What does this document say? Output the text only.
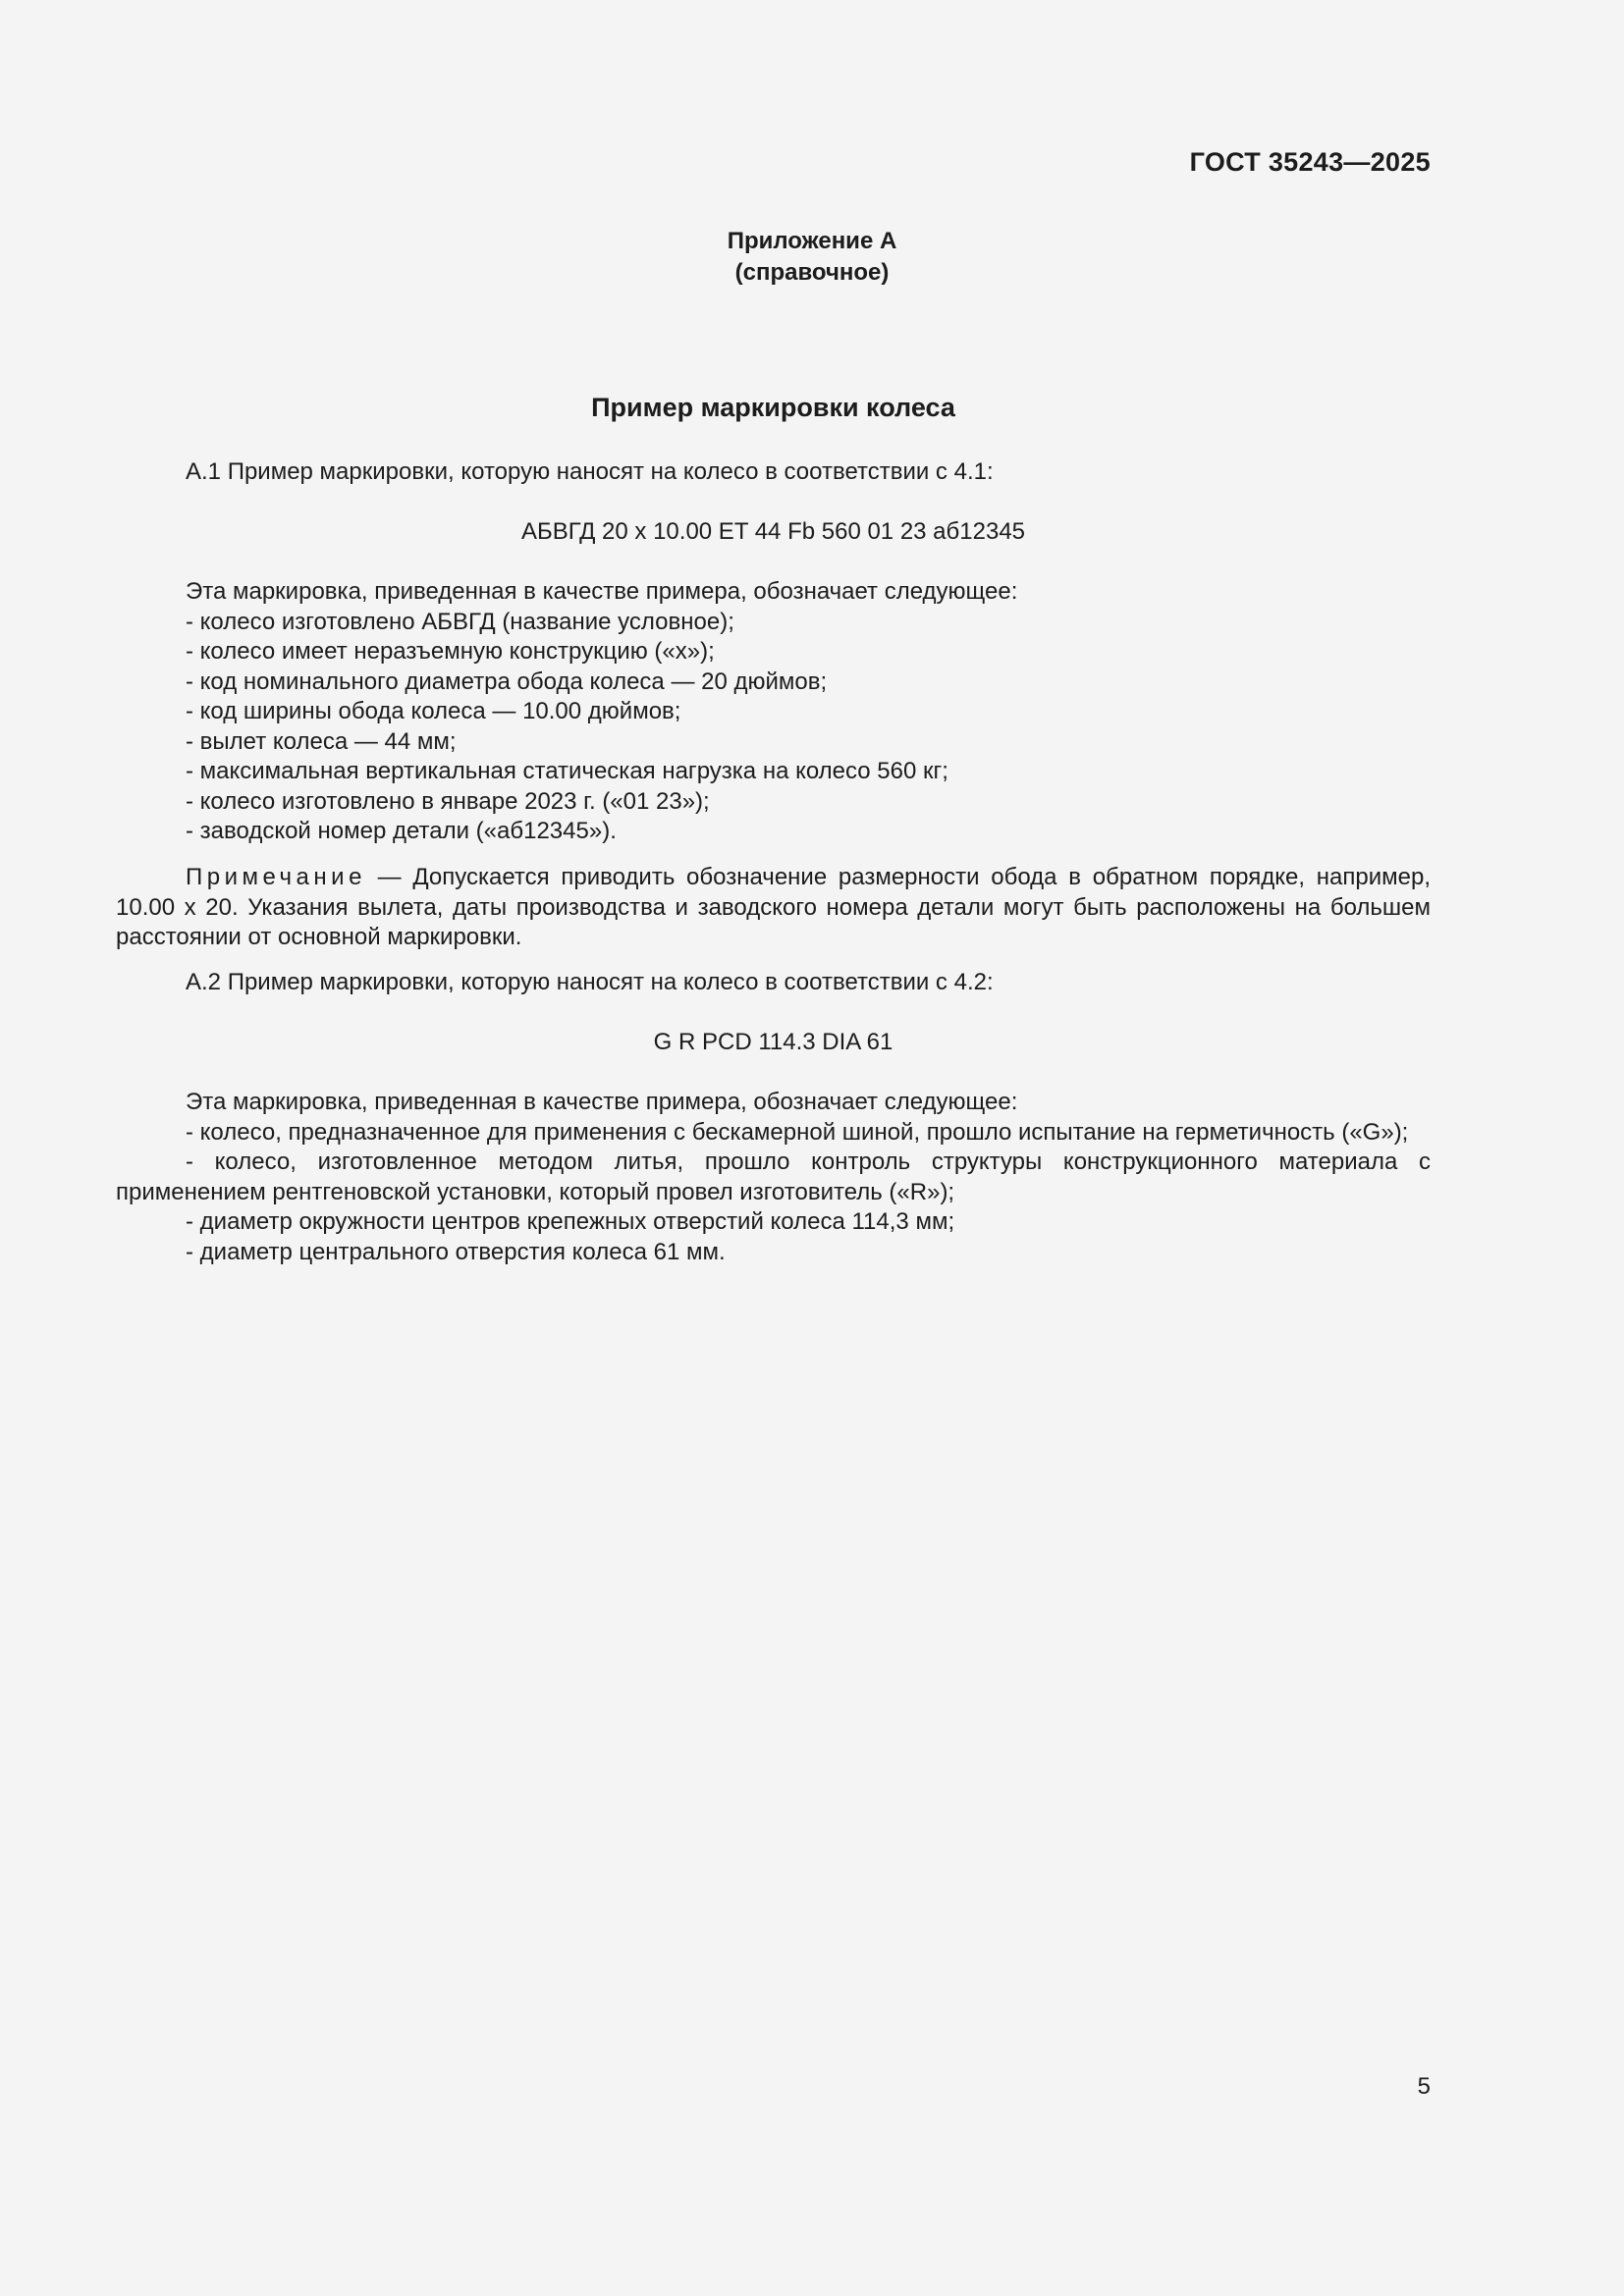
ГОСТ 35243—2025
Приложение А
(справочное)
Пример маркировки колеса

А.1 Пример маркировки, которую наносят на колесо в соответствии с 4.1:

АБВГД 20 x 10.00 ET 44 Fb 560 01 23 аб12345

Эта маркировка, приведенная в качестве примера, обозначает следующее:

- колесо изготовлено АБВГД (название условное);

- колесо имеет неразъемную конструкцию («x»);

- код номинального диаметра обода колеса — 20 дюймов;

- код ширины обода колеса — 10.00 дюймов;

- вылет колеса — 44 мм;

- максимальная вертикальная статическая нагрузка на колесо 560 кг;

- колесо изготовлено в январе 2023 г. («01 23»);

- заводской номер детали («аб12345»).

Примечание — Допускается приводить обозначение размерности обода в обратном порядке, например, 10.00 x 20. Указания вылета, даты производства и заводского номера детали могут быть расположены на большем расстоянии от основной маркировки.

А.2 Пример маркировки, которую наносят на колесо в соответствии с 4.2:

G R PCD 114.3 DIA 61

Эта маркировка, приведенная в качестве примера, обозначает следующее:

- колесо, предназначенное для применения с бескамерной шиной, прошло испытание на герметичность («G»);

- колесо, изготовленное методом литья, прошло контроль структуры конструкционного материала с применением рентгеновской установки, который провел изготовитель («R»);

- диаметр окружности центров крепежных отверстий колеса 114,3 мм;

- диаметр центрального отверстия колеса 61 мм.

5
